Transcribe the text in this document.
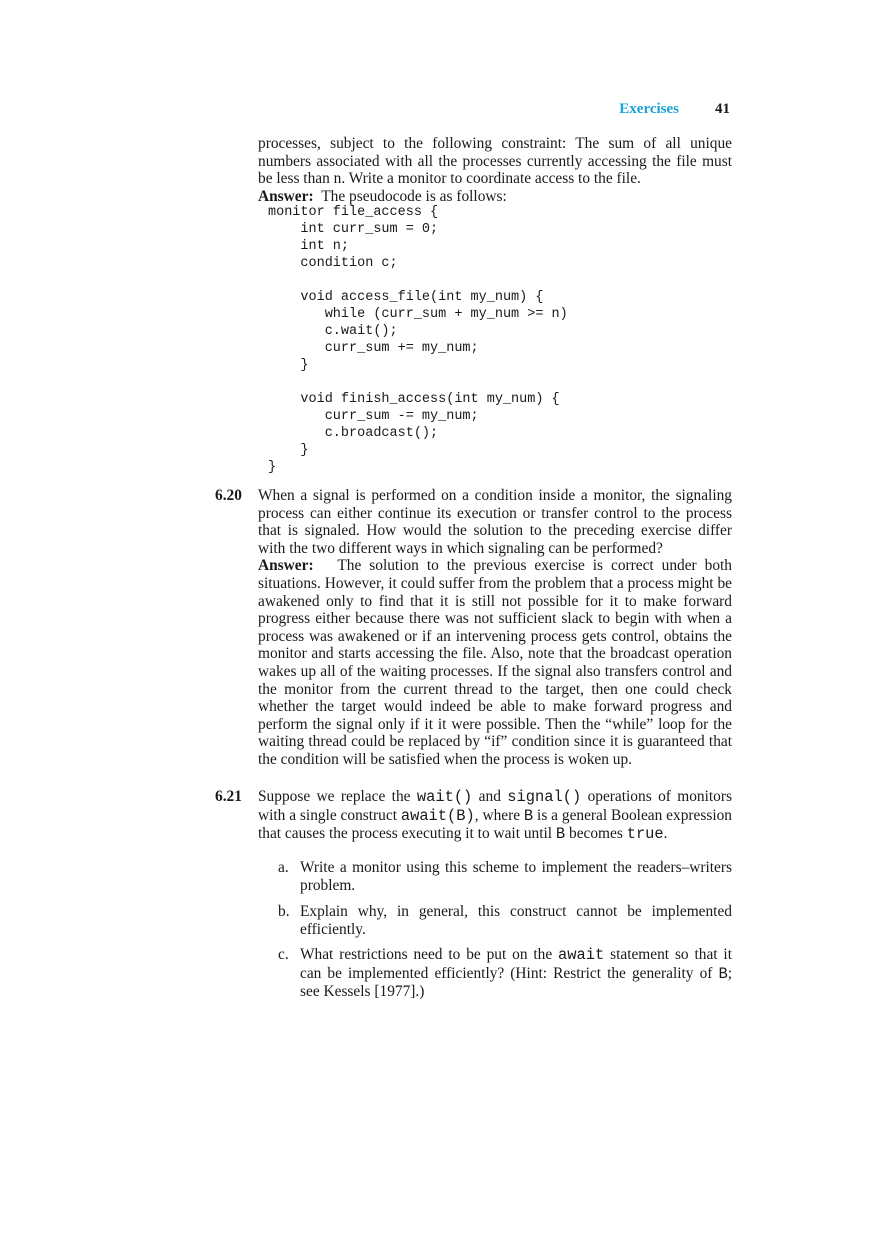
Exercises 41

processes, subject to the following constraint: The sum of all unique numbers associated with all the processes currently accessing the file must be less than n. Write a monitor to coordinate access to the file.

Answer: The pseudocode is as follows:

monitor file_access {
int curr_sum = 0;
int n;
condition c;
void access_file(int my_num) {
while (curr_sum + my_num >= n)
c.wait();
curr_sum += my_num;
}
void finish_access(int my_num) {
curr_sum -= my_num;
c.broadcast();
}
}
6.20 When a signal is performed on a condition inside a monitor, the signaling process can either continue its execution or transfer control to the process that is signaled. How would the solution to the preceding exercise differ with the two different ways in which signaling can be performed?

Answer: The solution to the previous exercise is correct under both situations. However, it could suffer from the problem that a process might be awakened only to find that it is still not possible for it to make forward progress either because there was not sufficient slack to begin with when a process was awakened or if an intervening process gets control, obtains the monitor and starts accessing the file. Also, note that the broadcast operation wakes up all of the waiting processes. If the signal also transfers control and the monitor from the current thread to the target, then one could check whether the target would indeed be able to make forward progress and perform the signal only if it it were possible. Then the “while” loop for the waiting thread could be replaced by “if” condition since it is guaranteed that the condition will be satisfied when the process is woken up.

6.21 Suppose we replace the wait() and signal() operations of monitors with a single construct await(B), where B is a general Boolean expression that causes the process executing it to wait until B becomes true.

a. Write a monitor using this scheme to implement the readers–writers problem.

b. Explain why, in general, this construct cannot be implemented efficiently.

c. What restrictions need to be put on the await statement so that it can be implemented efficiently? (Hint: Restrict the generality of B; see Kessels [1977].)
